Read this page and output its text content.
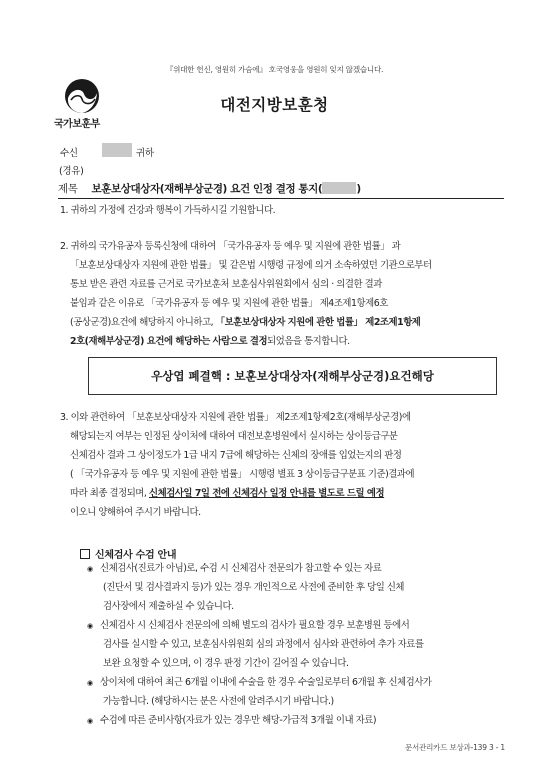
『위대한 헌신, 영원히 가슴에』 호국영웅을 영원히 잊지 않겠습니다.
국가보훈부
대전지방보훈청
수신	귀하
(경유)
제목 보훈보상대상자(재해부상군경) 요건 인정 결정 통지(	)
1. 귀하의 가정에 건강과 행복이 가득하시길 기원합니다.
2. 귀하의 국가유공자 등록신청에 대하여 「국가유공자 등 예우 및 지원에 관한 법률」 과
「보훈보상대상자 지원에 관한 법률」 및 같은법 시행령 규정에 의거 소속하였던 기관으로부터
통보 받은 관련 자료를 근거로 국가보훈처 보훈심사위원회에서 심의 · 의결한 결과
붙임과 같은 이유로 「국가유공자 등 예우 및 지원에 관한 법률」 제4조제1항제6호
(공상군경)요건에 해당하지 아니하고, 「보훈보상대상자 지원에 관한 법률」 제2조제1항제
2호(재해부상군경) 요건에 해당하는 사람으로 결정되었음을 통지합니다.
우상엽 폐결핵 : 보훈보상대상자(재해부상군경)요건해당
3. 이와 관련하여 「보훈보상대상자 지원에 관한 법률」 제2조제1항제2호(재해부상군경)에
해당되는지 여부는 인정된 상이처에 대하여 대전보훈병원에서 실시하는 상이등급구분
신체검사 결과 그 상이정도가 1급 내지 7급에 해당하는 신체의 장애를 입었는지의 판정
( 「국가유공자 등 예우 및 지원에 관한 법률」 시행령 별표 3 상이등급구분표 기준)결과에
따라 최종 결정되며, 신체검사일 7일 전에 신체검사 일정 안내를 별도로 드릴 예정
이오니 양해하여 주시기 바랍니다.
신체검사 수검 안내
◉ 신체검사(진료가 아님)로, 수검 시 신체검사 전문의가 참고할 수 있는 자료
(진단서 및 검사결과지 등)가 있는 경우 개인적으로 사전에 준비한 후 당일 신체
검사장에서 제출하실 수 있습니다.
◉ 신체검사 시 신체검사 전문의에 의해 별도의 검사가 필요할 경우 보훈병원 등에서
검사를 실시할 수 있고, 보훈심사위원회 심의 과정에서 심사와 관련하여 추가 자료를
보완 요청할 수 있으며, 이 경우 판정 기간이 길어질 수 있습니다.
◉ 상이처에 대하여 최근 6개월 이내에 수술을 한 경우 수술일로부터 6개월 후 신체검사가
가능합니다. (해당하시는 분은 사전에 알려주시기 바랍니다.)
◉ 수검에 따른 준비사항(자료가 있는 경우만 해당-가급적 3개월 이내 자료)
문서관리카드 보상과-139 3 - 1
